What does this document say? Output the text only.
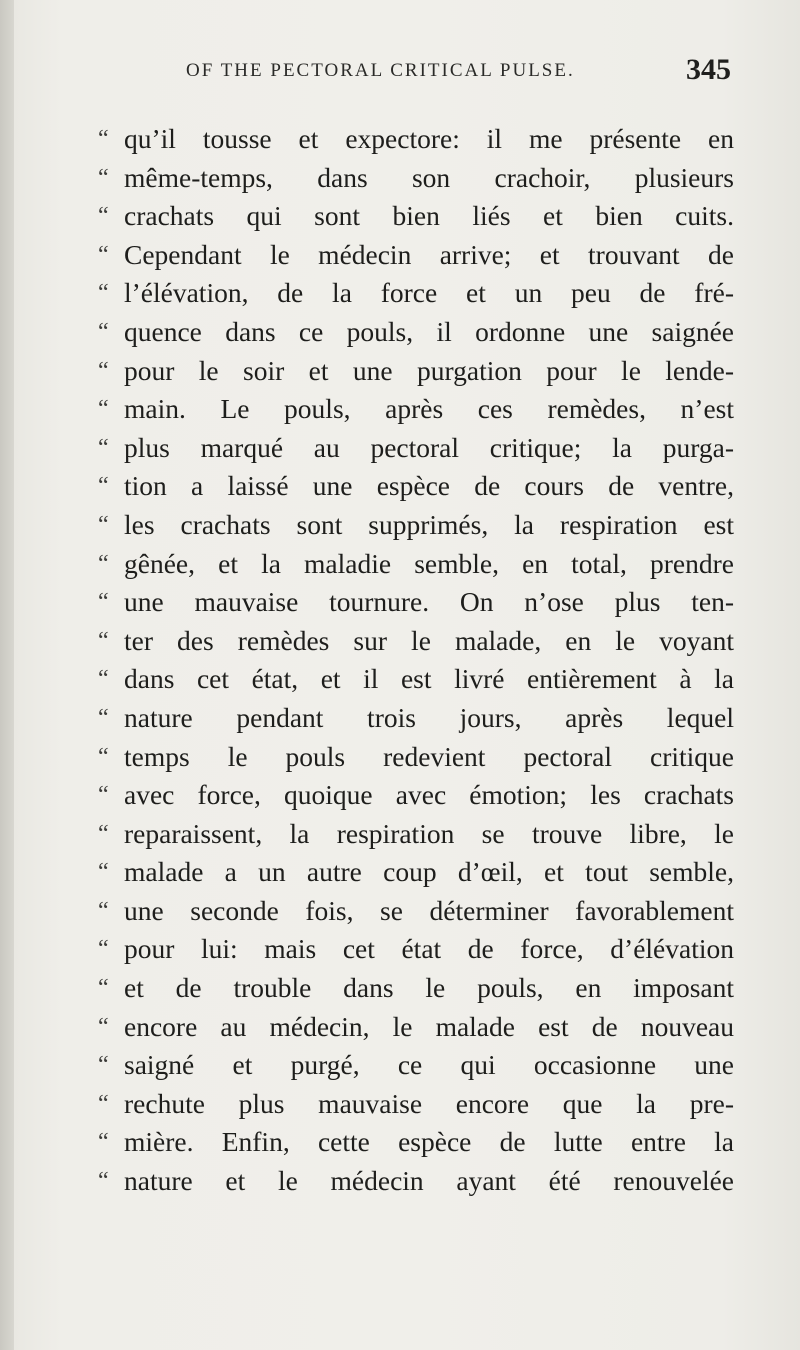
OF THE PECTORAL CRITICAL PULSE.	345
“ qu’il tousse et expectore: il me présente en
“ même-temps, dans son crachoir, plusieurs
“ crachats qui sont bien liés et bien cuits.
“ Cependant le médecin arrive; et trouvant de
“ l’élévation, de la force et un peu de fré-
“ quence dans ce pouls, il ordonne une saignée
“ pour le soir et une purgation pour le lende-
“ main. Le pouls, après ces remèdes, n’est
“ plus marqué au pectoral critique; la purga-
“ tion a laissé une espèce de cours de ventre,
“ les crachats sont supprimés, la respiration est
“ gênée, et la maladie semble, en total, prendre
“ une mauvaise tournure. On n’ose plus ten-
“ ter des remèdes sur le malade, en le voyant
“ dans cet état, et il est livré entièrement à la
“ nature pendant trois jours, après lequel
“ temps le pouls redevient pectoral critique
“ avec force, quoique avec émotion; les crachats
“ reparaissent, la respiration se trouve libre, le
“ malade a un autre coup d’œil, et tout semble,
“ une seconde fois, se déterminer favorablement
“ pour lui: mais cet état de force, d’élévation
“ et de trouble dans le pouls, en imposant
“ encore au médecin, le malade est de nouveau
“ saigné et purgé, ce qui occasionne une
“ rechute plus mauvaise encore que la pre-
“ mière. Enfin, cette espèce de lutte entre la
“ nature et le médecin ayant été renouvelée
